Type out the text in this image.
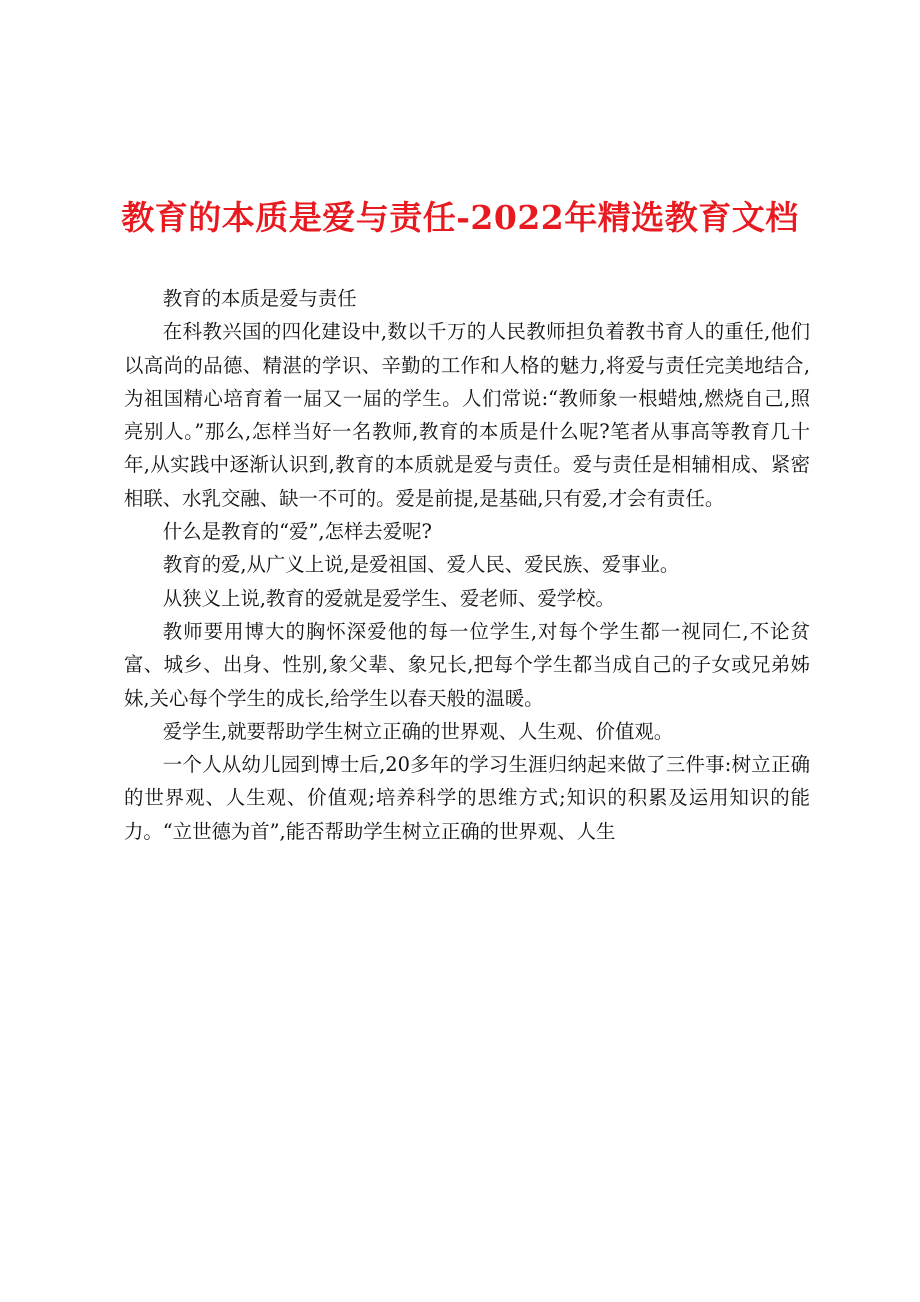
教育的本质是爱与责任-2022年精选教育文档

教育的本质是爱与责任

在科教兴国的四化建设中,数以千万的人民教师担负着教书育人的重任,他们以高尚的品德、精湛的学识、辛勤的工作和人格的魅力,将爱与责任完美地结合,为祖国精心培育着一届又一届的学生。人们常说:“教师象一根蜡烛,燃烧自己,照亮别人。”那么,怎样当好一名教师,教育的本质是什么呢?笔者从事高等教育几十年,从实践中逐渐认识到,教育的本质就是爱与责任。爱与责任是相辅相成、紧密相联、水乳交融、缺一不可的。爱是前提,是基础,只有爱,才会有责任。

什么是教育的“爱”,怎样去爱呢?

教育的爱,从广义上说,是爱祖国、爱人民、爱民族、爱事业。

从狭义上说,教育的爱就是爱学生、爱老师、爱学校。

教师要用博大的胸怀深爱他的每一位学生,对每个学生都一视同仁,不论贫富、城乡、出身、性别,象父辈、象兄长,把每个学生都当成自己的子女或兄弟姊妹,关心每个学生的成长,给学生以春天般的温暖。

爱学生,就要帮助学生树立正确的世界观、人生观、价值观。

一个人从幼儿园到博士后,20多年的学习生涯归纳起来做了三件事:树立正确的世界观、人生观、价值观;培养科学的思维方式;知识的积累及运用知识的能力。“立世德为首”,能否帮助学生树立正确的世界观、人生
